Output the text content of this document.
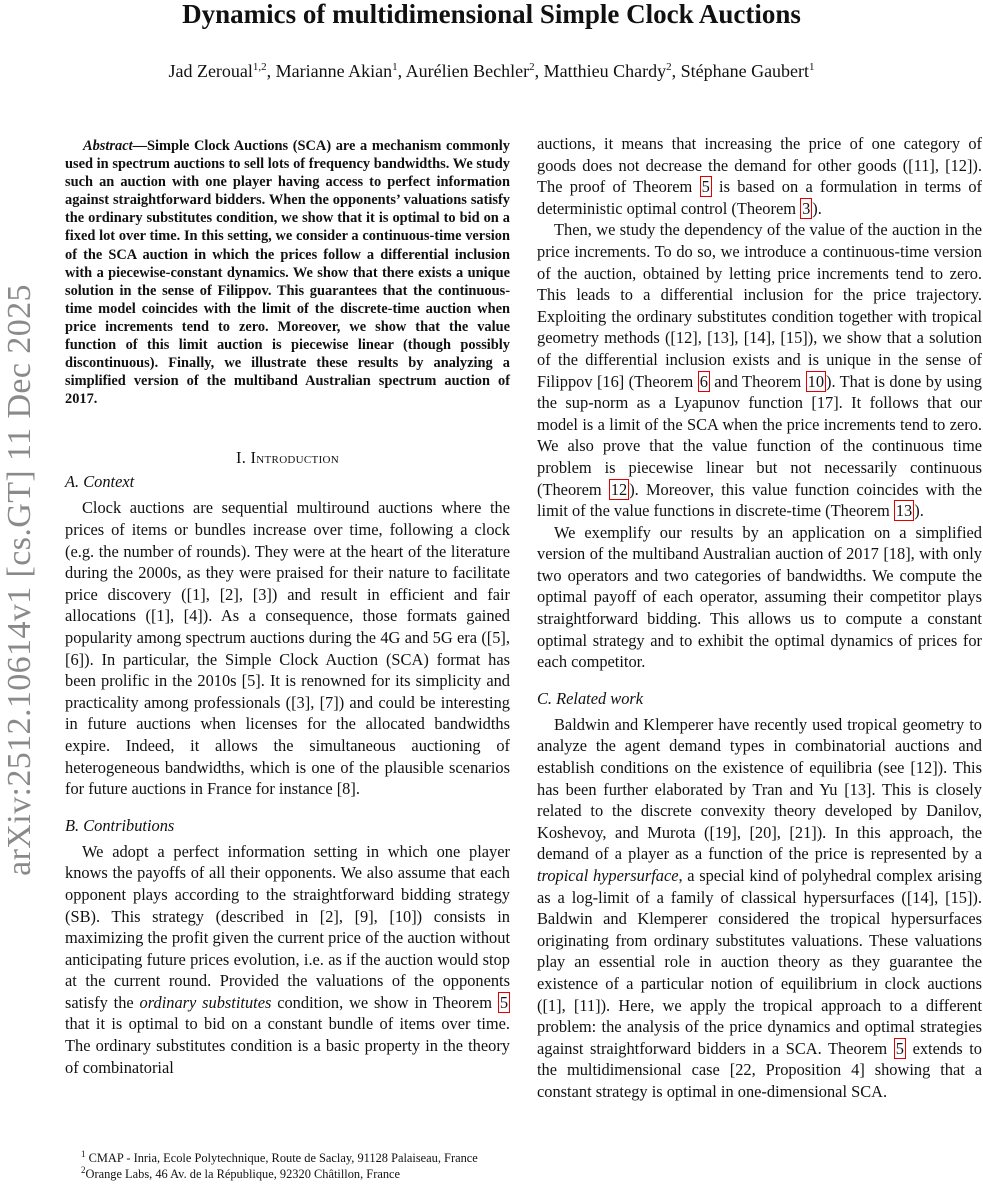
arXiv:2512.10614v1 [cs.GT] 11 Dec 2025
Dynamics of multidimensional Simple Clock Auctions
Jad Zeroual$^{1,2}$, Marianne Akian$^1$, Aurélien Bechler$^2$, Matthieu Chardy$^2$, Stéphane Gaubert$^1$

Abstract—Simple Clock Auctions (SCA) are a mechanism commonly used in spectrum auctions to sell lots of frequency bandwidths. We study such an auction with one player having access to perfect information against straightforward bidders. When the opponents’ valuations satisfy the ordinary substitutes condition, we show that it is optimal to bid on a fixed lot over time. In this setting, we consider a continuous-time version of the SCA auction in which the prices follow a differential inclusion with a piecewise-constant dynamics. We show that there exists a unique solution in the sense of Filippov. This guarantees that the continuous-time model coincides with the limit of the discrete-time auction when price increments tend to zero. Moreover, we show that the value function of this limit auction is piecewise linear (though possibly discontinuous). Finally, we illustrate these results by analyzing a simplified version of the multiband Australian spectrum auction of 2017.

I. Introduction
A. Context

Clock auctions are sequential multiround auctions where the prices of items or bundles increase over time, following a clock (e.g. the number of rounds). They were at the heart of the literature during the 2000s, as they were praised for their nature to facilitate price discovery ([1], [2], [3]) and result in efficient and fair allocations ([1], [4]). As a consequence, those formats gained popularity among spectrum auctions during the 4G and 5G era ([5], [6]). In particular, the Simple Clock Auction (SCA) format has been prolific in the 2010s [5]. It is renowned for its simplicity and practicality among professionals ([3], [7]) and could be interesting in future auctions when licenses for the allocated bandwidths expire. Indeed, it allows the simultaneous auctioning of heterogeneous bandwidths, which is one of the plausible scenarios for future auctions in France for instance [8].

B. Contributions

We adopt a perfect information setting in which one player knows the payoffs of all their opponents. We also assume that each opponent plays according to the straightforward bidding strategy (SB). This strategy (described in [2], [9], [10]) consists in maximizing the profit given the current price of the auction without anticipating future prices evolution, i.e. as if the auction would stop at the current round. Provided the valuations of the opponents satisfy the ordinary substitutes condition, we show in Theorem 5 that it is optimal to bid on a constant bundle of items over time. The ordinary substitutes condition is a basic property in the theory of combinatorial

auctions, it means that increasing the price of one category of goods does not decrease the demand for other goods ([11], [12]). The proof of Theorem 5 is based on a formulation in terms of deterministic optimal control (Theorem 3 ).

Then, we study the dependency of the value of the auction in the price increments. To do so, we introduce a continuous-time version of the auction, obtained by letting price increments tend to zero. This leads to a differential inclusion for the price trajectory. Exploiting the ordinary substitutes condition together with tropical geometry methods ([12], [13], [14], [15]), we show that a solution of the differential inclusion exists and is unique in the sense of Filippov [16] (Theorem 6 and Theorem 10 ). That is done by using the sup-norm as a Lyapunov function [17]. It follows that our model is a limit of the SCA when the price increments tend to zero. We also prove that the value function of the continuous time problem is piecewise linear but not necessarily continuous (Theorem 12 ). Moreover, this value function coincides with the limit of the value functions in discrete-time (Theorem 13 ).

We exemplify our results by an application on a simplified version of the multiband Australian auction of 2017 [18], with only two operators and two categories of bandwidths. We compute the optimal payoff of each operator, assuming their competitor plays straightforward bidding. This allows us to compute a constant optimal strategy and to exhibit the optimal dynamics of prices for each competitor.

C. Related work

Baldwin and Klemperer have recently used tropical geometry to analyze the agent demand types in combinatorial auctions and establish conditions on the existence of equilibria (see [12]). This has been further elaborated by Tran and Yu [13]. This is closely related to the discrete convexity theory developed by Danilov, Koshevoy, and Murota ([19], [20], [21]). In this approach, the demand of a player as a function of the price is represented by a tropical hypersurface, a special kind of polyhedral complex arising as a log-limit of a family of classical hypersurfaces ([14], [15]). Baldwin and Klemperer considered the tropical hypersurfaces originating from ordinary substitutes valuations. These valuations play an essential role in auction theory as they guarantee the existence of a particular notion of equilibrium in clock auctions ([1], [11]). Here, we apply the tropical approach to a different problem: the analysis of the price dynamics and optimal strategies against straightforward bidders in a SCA. Theorem 5 extends to the multidimensional case [22, Proposition 4] showing that a constant strategy is optimal in one-dimensional SCA.

$^1$ CMAP - Inria, Ecole Polytechnique, Route de Saclay, 91128 Palaiseau, France

$^2$Orange Labs, 46 Av. de la République, 92320 Châtillon, France
